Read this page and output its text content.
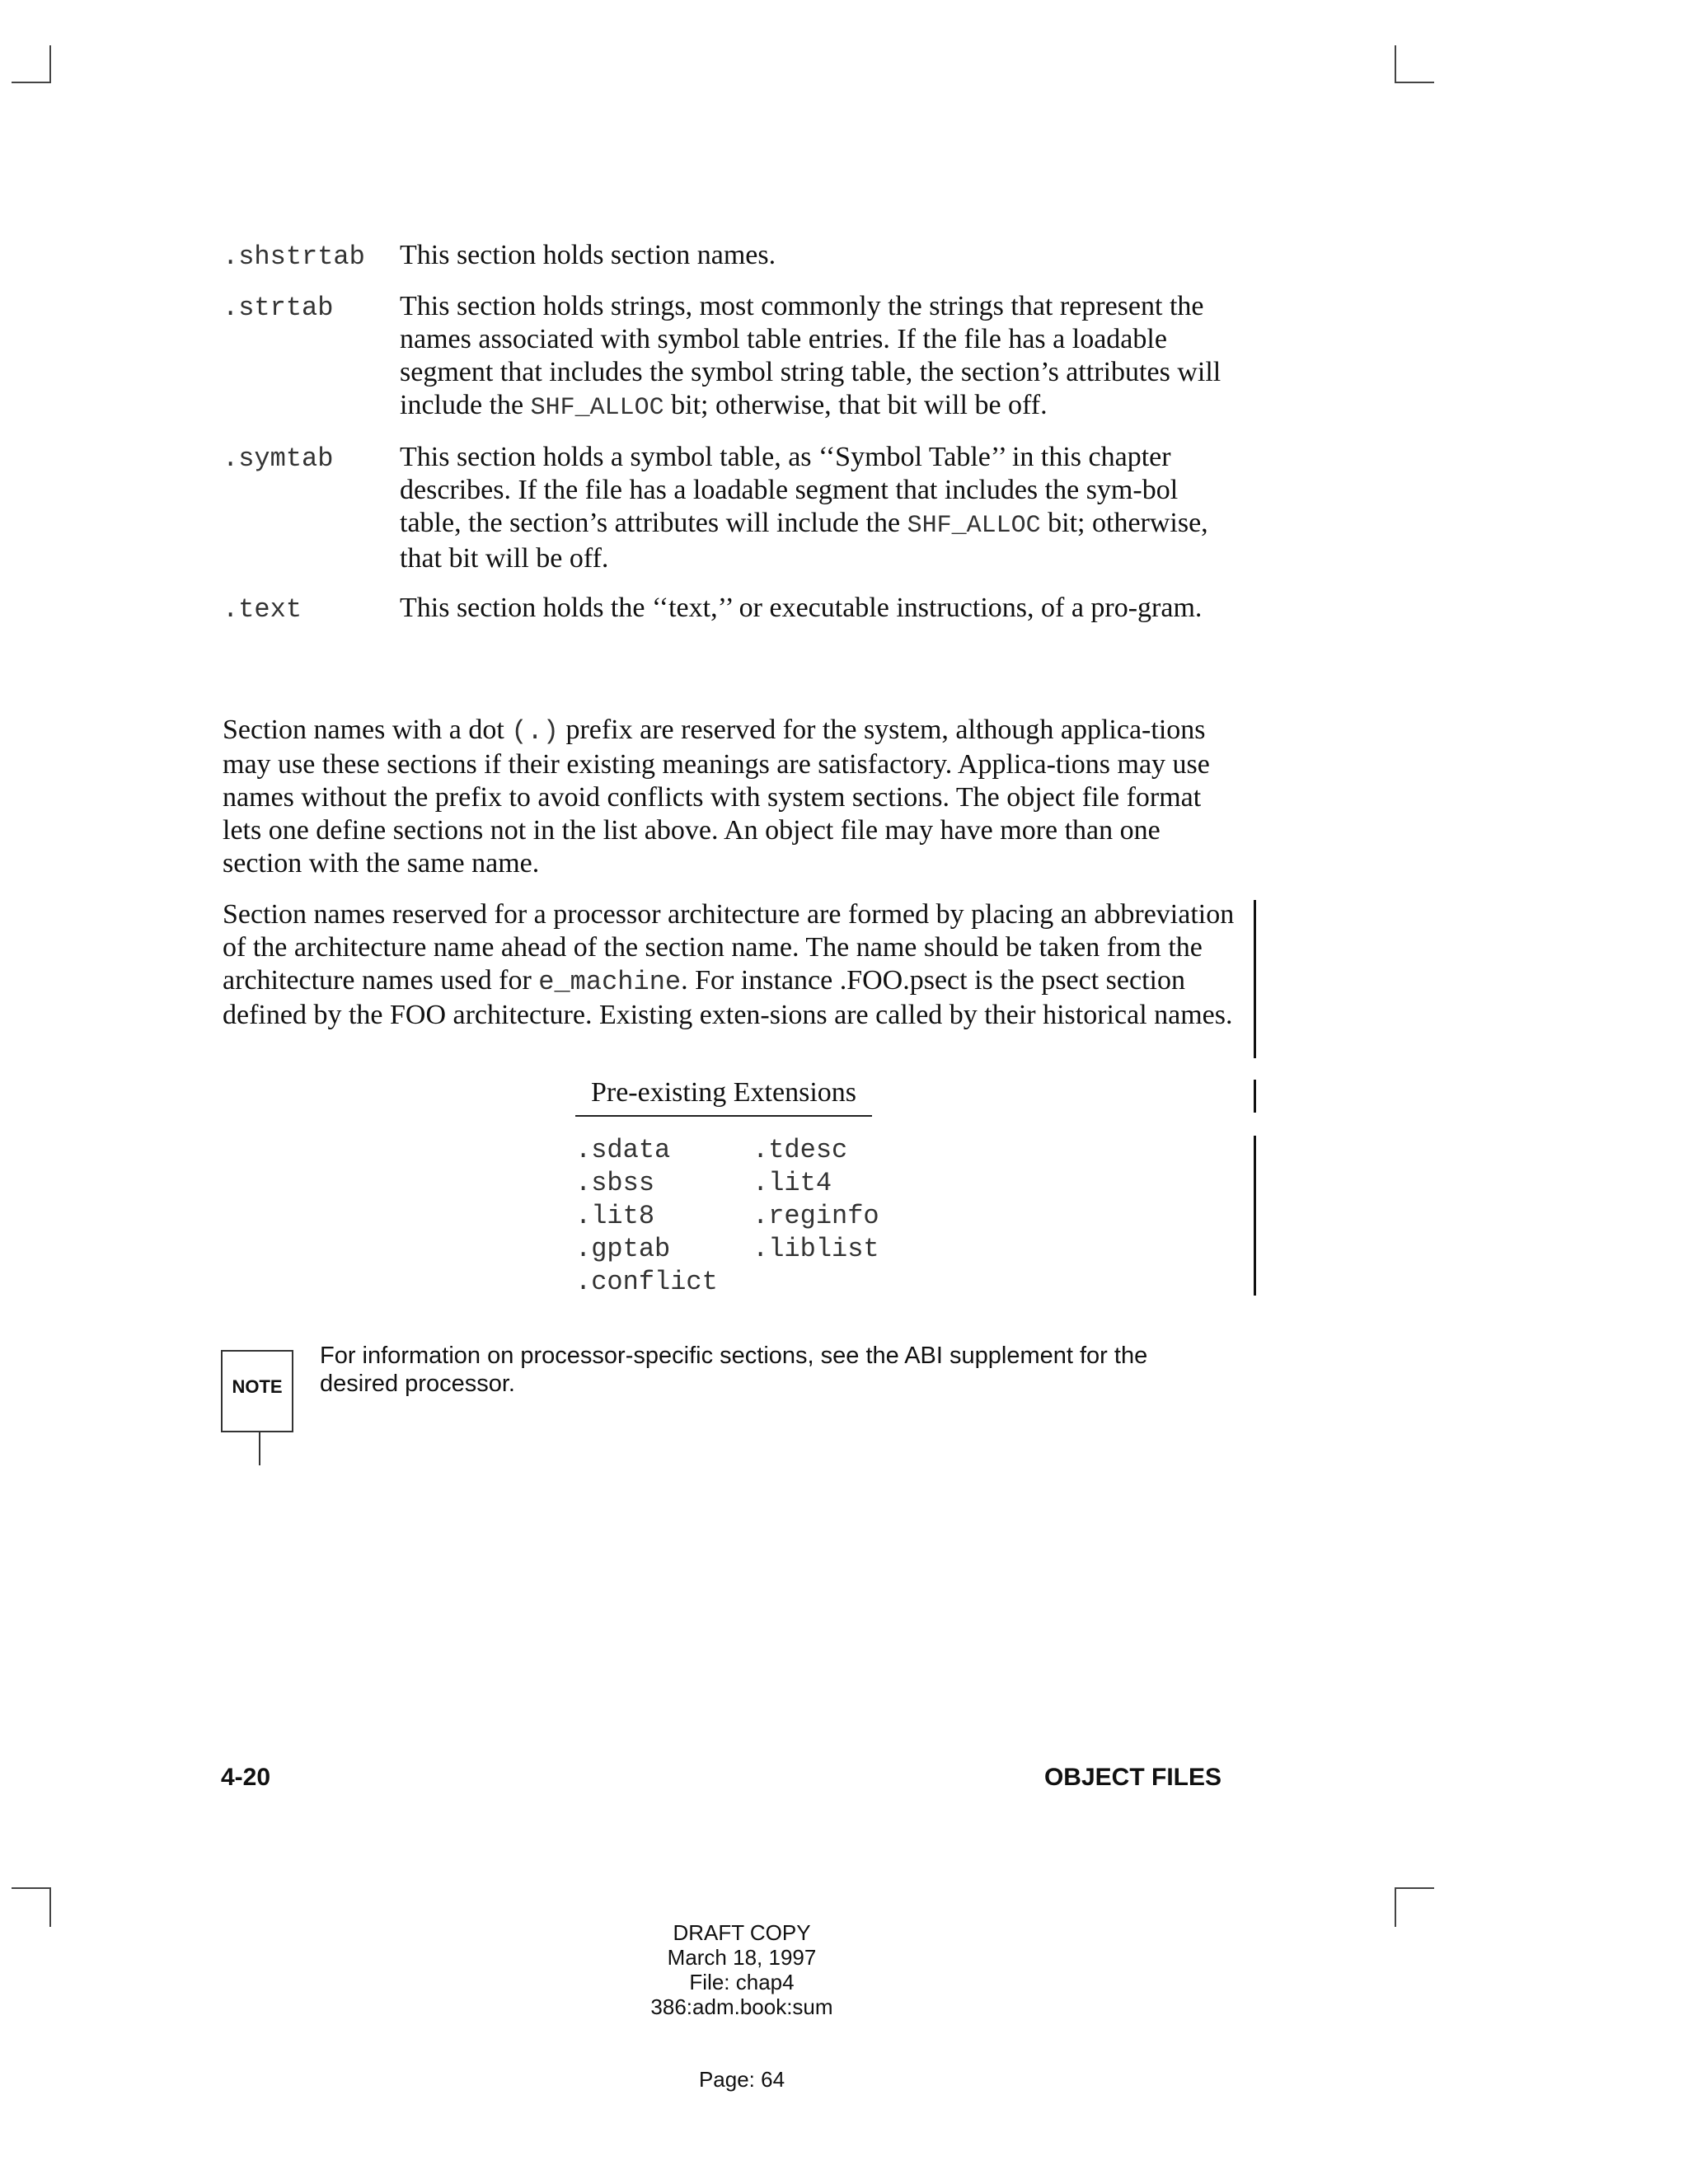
.shstrtab	This section holds section names.
.strtab	This section holds strings, most commonly the strings that represent the names associated with symbol table entries. If the file has a loadable segment that includes the symbol string table, the section’s attributes will include the SHF_ALLOC bit; otherwise, that bit will be off.
.symtab	This section holds a symbol table, as ‘‘Symbol Table’’ in this chapter describes. If the file has a loadable segment that includes the sym-bol table, the section’s attributes will include the SHF_ALLOC bit; otherwise, that bit will be off.
.text	This section holds the ‘‘text,’’ or executable instructions, of a pro-gram.

Section names with a dot (.) prefix are reserved for the system, although applica-tions may use these sections if their existing meanings are satisfactory. Applica-tions may use names without the prefix to avoid conflicts with system sections. The object file format lets one define sections not in the list above. An object file may have more than one section with the same name.

Section names reserved for a processor architecture are formed by placing an abbreviation of the architecture name ahead of the section name. The name should be taken from the architecture names used for e_machine. For instance .FOO.psect is the psect section defined by the FOO architecture. Existing exten-sions are called by their historical names.

Pre-existing Extensions
.sdata	.tdesc
.sbss	.lit4
.lit8	.reginfo
.gptab	.liblist
.conflict
NOTE
For information on processor-specific sections, see the ABI supplement for the desired processor.
4-20	OBJECT FILES
DRAFT COPY
March 18, 1997
File: chap4
386:adm.book:sum
Page: 64
